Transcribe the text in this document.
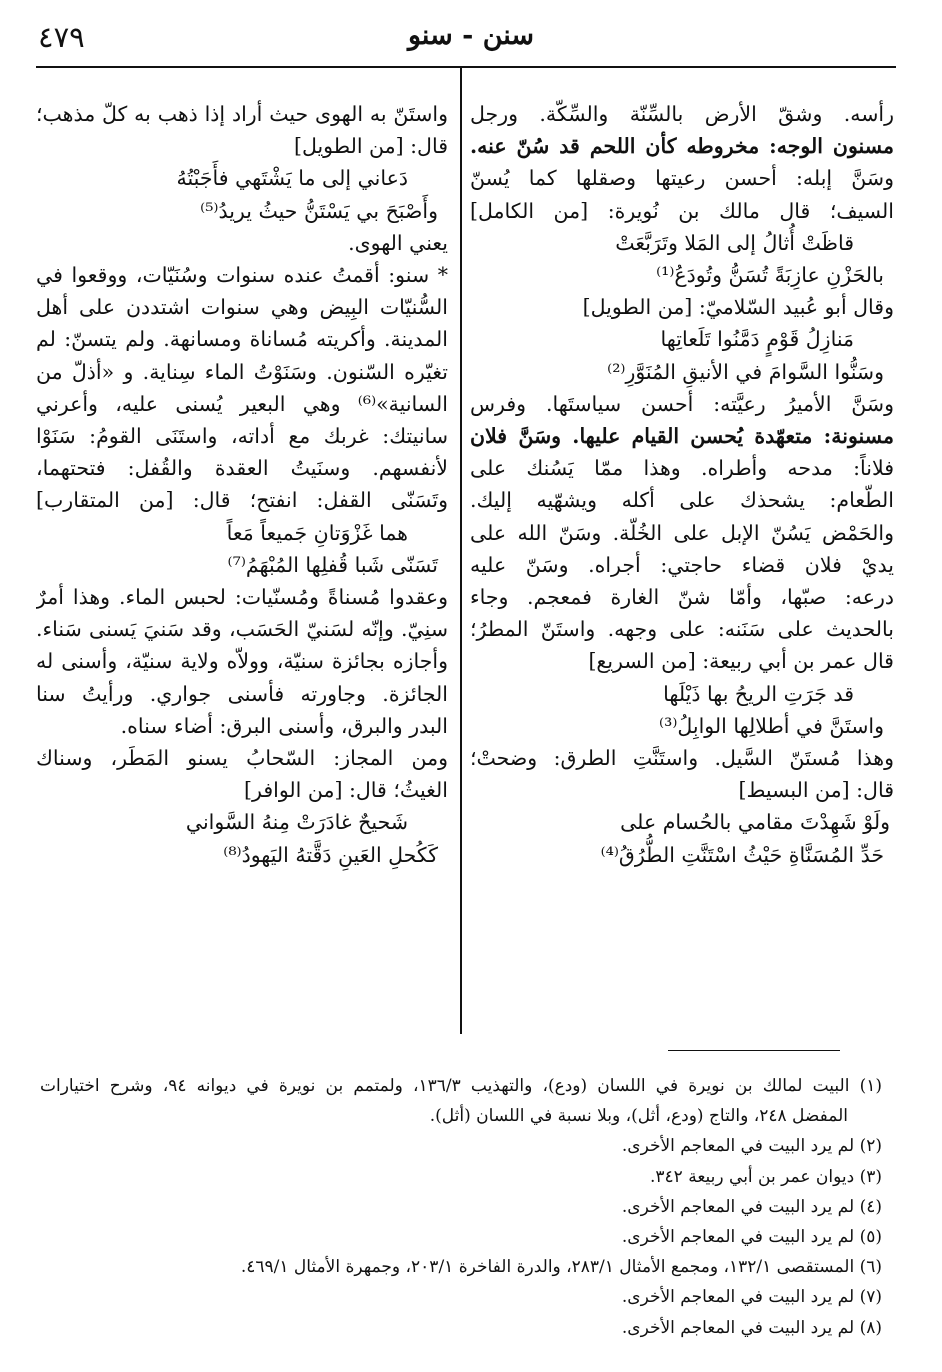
٤٧٩	سنن - سنو
رأسه. وشقّ الأرض بالسِّنّة والسِّكّة. ورجل
مسنون الوجه: مخروطه كأن اللحم قد سُنّ عنه.
وسَنَّ إبله: أحسن رعيتها وصقلها كما يُسنّ
السيف؛ قال مالك بن نُويرة: [من الكامل]
قاظَتْ أُثالُ إلى المَلا وتَرَبَّعَتْ
بالحَزْنِ عازِبَةً تُسَنُّ وتُودَعُ⁽¹⁾
وقال أبو عُبيد السّلاميّ: [من الطويل]
مَنازِلُ قَوْمٍ دَمَّنُوا تَلَعاتِها
وسَنُّوا السَّوامَ في الأنيقِ المُنَوَّرِ⁽²⁾
وسَنَّ الأميرُ رعيَّته: أحسن سياستَها. وفرس
مسنونة: متعهّدة يُحسن القيام عليها. وسَنَّ فلان
فلاناً: مدحه وأطراه. وهذا ممّا يَسُنك على
الطّعام: يشحذك على أكله ويشهّيه إليك.
والحَمْض يَسُنّ الإبل على الخُلّة. وسَنّ الله على
يديْ فلان قضاء حاجتي: أجراه. وسَنّ عليه
درعه: صبّها، وأمّا شنّ الغارة فمعجم. وجاء
بالحديث على سَنَنه: على وجهه. واستَنّ المطرُ؛
قال عمر بن أبي ربيعة: [من السريع]
قد جَرَتِ الريحُ بها ذَيْلَها
واستَنَّ في أطلالِها الوابِلُ⁽³⁾
وهذا مُستَنّ السَّيل. واستَنَّتِ الطرق: وضحتْ؛
قال: [من البسيط]
ولَوْ شَهِدْتَ مقامي بالحُسام على
حَدِّ المُسَنَّاةِ حَيْثُ اسْتَنَّتِ الطُّرُقُ⁽⁴⁾
واستَنّ به الهوى حيث أراد إذا ذهب به كلّ مذهب؛
قال: [من الطويل]
دَعاني إلى ما يَشْتَهي فأَجَبْتُهُ
وأَصْبَحَ بي يَسْتَنُّ حيثُ يريدُ⁽⁵⁾
يعني الهوى.
* سنو: أقمتُ عنده سنوات وسُنَيّات، ووقعوا في
السُّنيّات البِيض وهي سنوات اشتددن على أهل
المدينة. وأكريته مُساناة ومسانهة. ولم يتسنّ: لم
تغيّره السّنون. وسَنَوْتُ الماء سِناية. و «أذلّ من
السانية»⁽⁶⁾ وهي البعير يُسنى عليه، وأعرني
سانيتك: غربك مع أداته، واستَنَى القومُ: سَنَوْا
لأنفسهم. وسنَيتُ العقدة والقُفل: فتحتهما،
وتَسَنّى القفل: انفتح؛ قال: [من المتقارب]
هما غَزْوَتانِ جَميعاً مَعاً
تَسَنّى شَبا قُفلِها المُبْهَمُ⁽⁷⁾
وعقدوا مُسناةً ومُسنّيات: لحبس الماء. وهذا أمرٌ
سنِيّ. وإنّه لسَنيّ الحَسَب، وقد سَنيَ يَسنى سَناء.
وأجازه بجائزة سنيّة، وولاّه ولاية سنيّة، وأسنى له
الجائزة. وجاورته فأسنى جواري. ورأيتُ سنا
البدر والبرق، وأسنى البرق: أضاء سناه.
ومن المجاز: السّحابُ يسنو المَطَر، وسناك
الغيثُ؛ قال: [من الوافر]
شَحيحٌ غادَرَتْ مِنهُ السَّواني
كَكُحلِ العَينِ دَقَّتهُ اليَهودُ⁽⁸⁾
(١) البيت لمالك بن نويرة في اللسان (ودع)، والتهذيب ١٣٦/٣، ولمتمم بن نويرة في ديوانه ٩٤، وشرح اختيارات
المفضل ٢٤٨، والتاج (ودع، أثل)، وبلا نسبة في اللسان (أثل).
(٢) لم يرد البيت في المعاجم الأخرى.
(٣) ديوان عمر بن أبي ربيعة ٣٤٢.
(٤) لم يرد البيت في المعاجم الأخرى.
(٥) لم يرد البيت في المعاجم الأخرى.
(٦) المستقصى ١٣٢/١، ومجمع الأمثال ٢٨٣/١، والدرة الفاخرة ٢٠٣/١، وجمهرة الأمثال ٤٦٩/١.
(٧) لم يرد البيت في المعاجم الأخرى.
(٨) لم يرد البيت في المعاجم الأخرى.
